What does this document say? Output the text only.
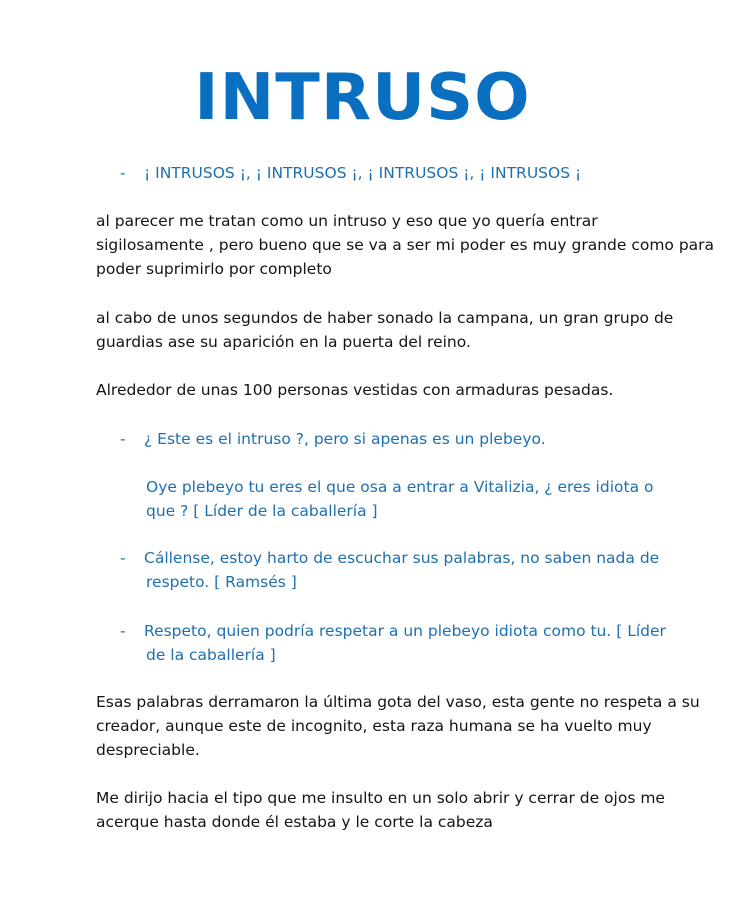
INTRUSO
- ¡ INTRUSOS ¡, ¡ INTRUSOS ¡, ¡ INTRUSOS ¡, ¡ INTRUSOS ¡
al parecer me tratan como un intruso y eso que yo quería entrar
sigilosamente , pero bueno que se va a ser mi poder es muy grande como para
poder suprimirlo por completo
al cabo de unos segundos de haber sonado la campana, un gran grupo de
guardias ase su aparición en la puerta del reino.
Alrededor de unas 100 personas vestidas con armaduras pesadas.
- ¿ Este es el intruso ?, pero si apenas es un plebeyo.
Oye plebeyo tu eres el que osa a entrar a Vitalizia, ¿ eres idiota o
que ? [ Líder de la caballería ]
- Cállense, estoy harto de escuchar sus palabras, no saben nada de
respeto. [ Ramsés ]
- Respeto, quien podría respetar a un plebeyo idiota como tu. [ Líder
de la caballería ]
Esas palabras derramaron la última gota del vaso, esta gente no respeta a su
creador, aunque este de incognito, esta raza humana se ha vuelto muy
despreciable.
Me dirijo hacia el tipo que me insulto en un solo abrir y cerrar de ojos me
acerque hasta donde él estaba y le corte la cabeza
